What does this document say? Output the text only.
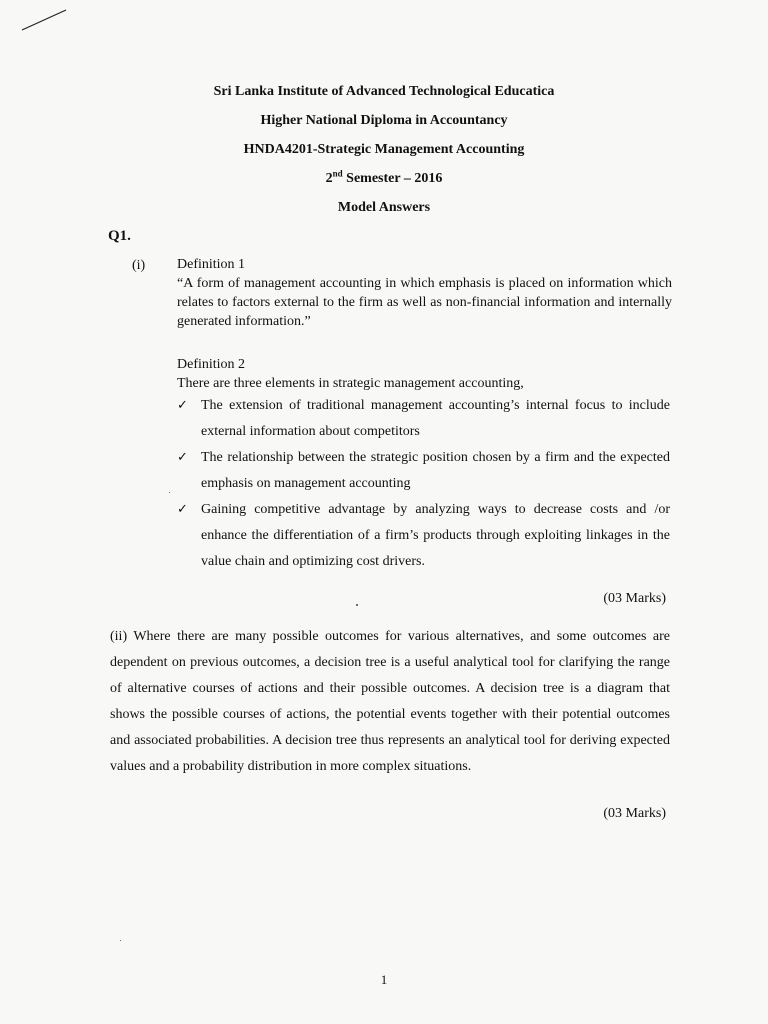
Sri Lanka Institute of Advanced Technological Educatica
Higher National Diploma in Accountancy
HNDA4201-Strategic Management Accounting
2nd Semester – 2016
Model Answers
Q1.
(i) Definition 1

“A form of management accounting in which emphasis is placed on information which relates to factors external to the firm as well as non-financial information and internally generated information.”

Definition 2

There are three elements in strategic management accounting,

✓ The extension of traditional management accounting’s internal focus to include external information about competitors
✓ The relationship between the strategic position chosen by a firm and the expected emphasis on management accounting
✓ Gaining competitive advantage by analyzing ways to decrease costs and /or enhance the differentiation of a firm’s products through exploiting linkages in the value chain and optimizing cost drivers.
(03 Marks)

(ii) Where there are many possible outcomes for various alternatives, and some outcomes are dependent on previous outcomes, a decision tree is a useful analytical tool for clarifying the range of alternative courses of actions and their possible outcomes. A decision tree is a diagram that shows the possible courses of actions, the potential events together with their potential outcomes and associated probabilities. A decision tree thus represents an analytical tool for deriving expected values and a probability distribution in more complex situations.

(03 Marks)
1
